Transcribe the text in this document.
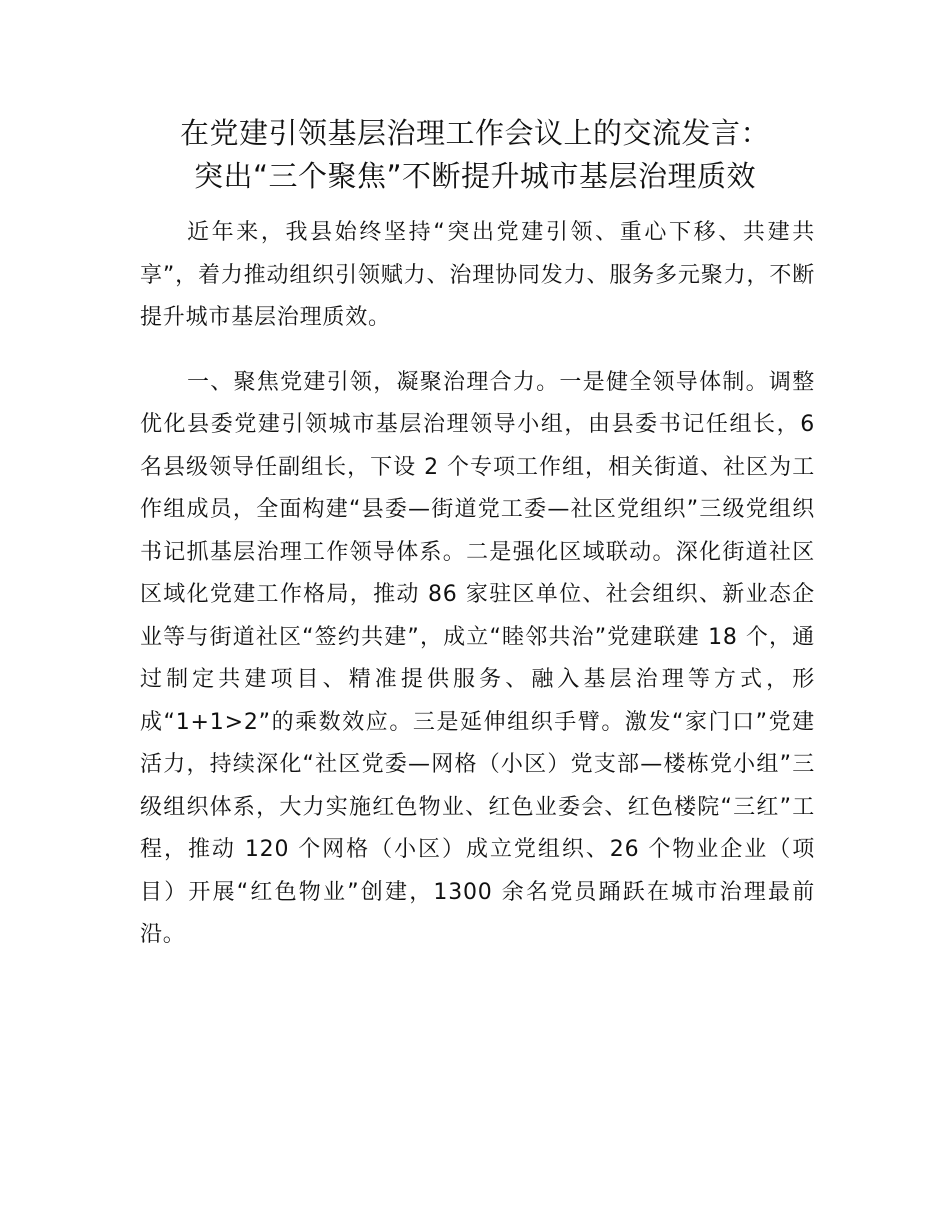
在党建引领基层治理工作会议上的交流发言：
突出“三个聚焦”不断提升城市基层治理质效

近年来，我县始终坚持“突出党建引领、重心下移、共建共享”，着力推动组织引领赋力、治理协同发力、服务多元聚力，不断提升城市基层治理质效。

一、聚焦党建引领，凝聚治理合力。一是健全领导体制。调整优化县委党建引领城市基层治理领导小组，由县委书记任组长，6 名县级领导任副组长，下设 2 个专项工作组，相关街道、社区为工作组成员，全面构建“县委—街道党工委—社区党组织”三级党组织书记抓基层治理工作领导体系。二是强化区域联动。深化街道社区区域化党建工作格局，推动 86 家驻区单位、社会组织、新业态企业等与街道社区“签约共建”，成立“睦邻共治”党建联建 18 个，通过制定共建项目、精准提供服务、融入基层治理等方式，形成“1+1>2”的乘数效应。三是延伸组织手臂。激发“家门口”党建活力，持续深化“社区党委—网格（小区）党支部—楼栋党小组”三级组织体系，大力实施红色物业、红色业委会、红色楼院“三红”工程，推动 120 个网格（小区）成立党组织、26 个物业企业（项目）开展“红色物业”创建，1300 余名党员踊跃在城市治理最前沿。
